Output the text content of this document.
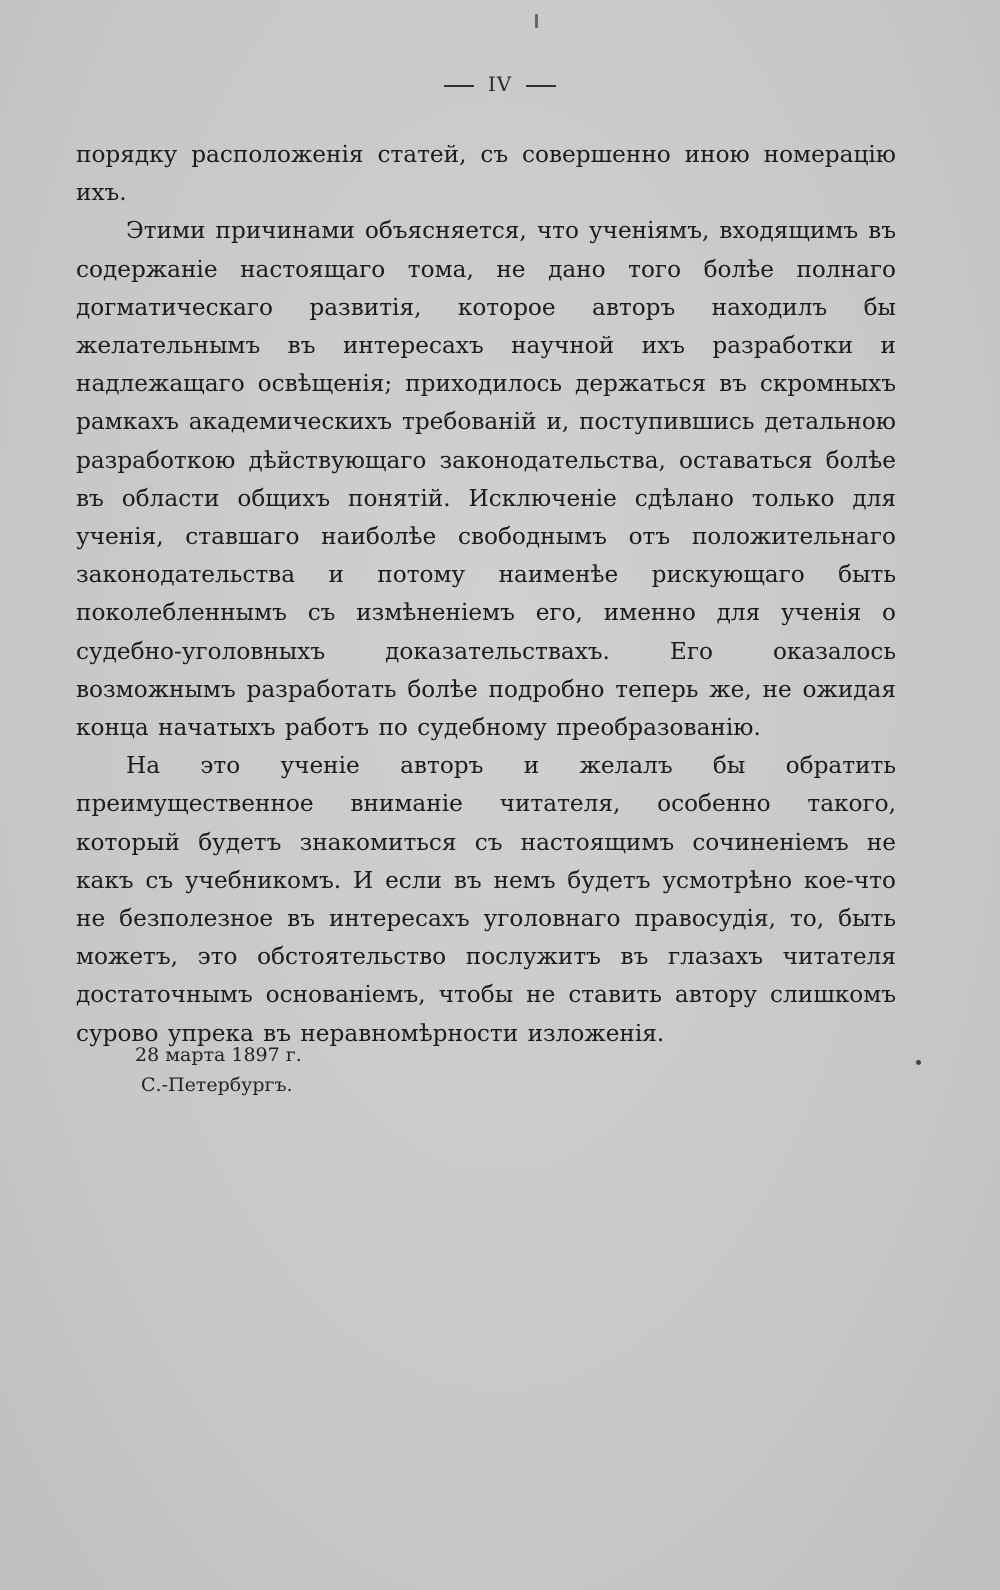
IV

порядку расположенія статей, съ совершенно иною номерацію ихъ.

Этими причинами объясняется, что ученіямъ, входящимъ въ содержаніе настоящаго тома, не дано того болѣе полнаго догматическаго развитія, которое авторъ находилъ бы желательнымъ въ интересахъ научной ихъ разработки и надлежащаго освѣщенія; приходилось держаться въ скромныхъ рамкахъ академическихъ требованій и, поступившись детальною разработкою дѣйствующаго законодательства, оставаться болѣе въ области общихъ понятій. Исключеніе сдѣлано только для ученія, ставшаго наиболѣе свободнымъ отъ положительнаго законодательства и потому наименѣе рискующаго быть поколебленнымъ съ измѣненіемъ его, именно для ученія о судебно-уголовныхъ доказательствахъ. Его оказалось возможнымъ разработать болѣе подробно теперь же, не ожидая конца начатыхъ работъ по судебному преобразованію.

На это ученіе авторъ и желалъ бы обратить преимущественное вниманіе читателя, особенно такого, который будетъ знакомиться съ настоящимъ сочиненіемъ не какъ съ учебникомъ. И если въ немъ будетъ усмотрѣно кое-что не безполезное въ интересахъ уголовнаго правосудія, то, быть можетъ, это обстоятельство послужитъ въ глазахъ читателя достаточнымъ основаніемъ, чтобы не ставить автору слишкомъ сурово упрека въ неравномѣрности изложенія.

28 марта 1897 г.
С.-Петербургъ.
